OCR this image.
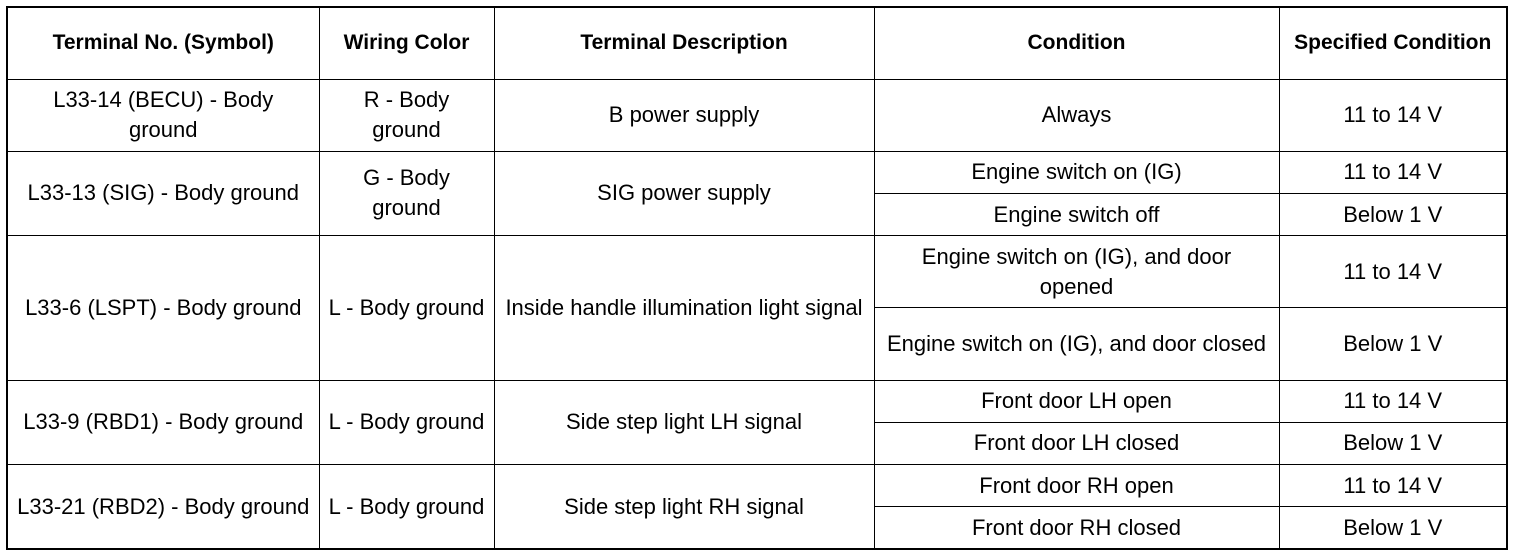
Terminal No. (Symbol)	Wiring Color	Terminal Description	Condition	Specified Condition
L33-14 (BECU) - Body ground	R - Body ground	B power supply	Always	11 to 14 V
L33-13 (SIG) - Body ground	G - Body ground	SIG power supply	Engine switch on (IG)	11 to 14 V
			Engine switch off	Below 1 V
L33-6 (LSPT) - Body ground	L - Body ground	Inside handle illumination light signal	Engine switch on (IG), and door opened	11 to 14 V
			Engine switch on (IG), and door closed	Below 1 V
L33-9 (RBD1) - Body ground	L - Body ground	Side step light LH signal	Front door LH open	11 to 14 V
			Front door LH closed	Below 1 V
L33-21 (RBD2) - Body ground	L - Body ground	Side step light RH signal	Front door RH open	11 to 14 V
			Front door RH closed	Below 1 V
